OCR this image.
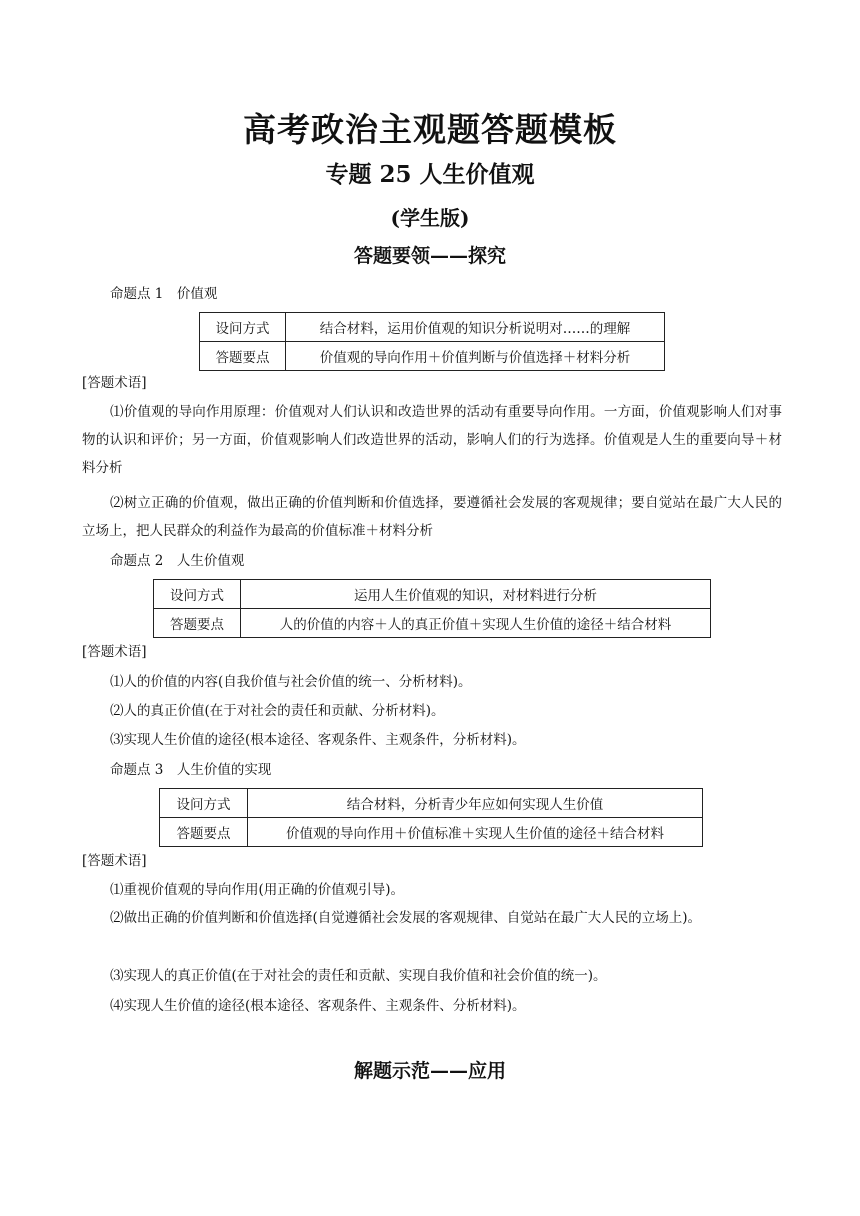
高考政治主观题答题模板
专题 25 人生价值观
(学生版)
答题要领——探究
命题点 1　价值观
设问方式	结合材料，运用价值观的知识分析说明对……的理解
答题要点	价值观的导向作用＋价值判断与价值选择＋材料分析
[答题术语]
⑴价值观的导向作用原理：价值观对人们认识和改造世界的活动有重要导向作用。一方面，价值观影响人们对事物的认识和评价；另一方面，价值观影响人们改造世界的活动，影响人们的行为选择。价值观是人生的重要向导＋材料分析
⑵树立正确的价值观，做出正确的价值判断和价值选择，要遵循社会发展的客观规律；要自觉站在最广大人民的立场上，把人民群众的利益作为最高的价值标准＋材料分析
命题点 2　人生价值观
设问方式	运用人生价值观的知识，对材料进行分析
答题要点	人的价值的内容＋人的真正价值＋实现人生价值的途径＋结合材料
[答题术语]
⑴人的价值的内容(自我价值与社会价值的统一、分析材料)。
⑵人的真正价值(在于对社会的责任和贡献、分析材料)。
⑶实现人生价值的途径(根本途径、客观条件、主观条件，分析材料)。
命题点 3　人生价值的实现
设问方式	结合材料，分析青少年应如何实现人生价值
答题要点	价值观的导向作用＋价值标准＋实现人生价值的途径＋结合材料
[答题术语]
⑴重视价值观的导向作用(用正确的价值观引导)。
⑵做出正确的价值判断和价值选择(自觉遵循社会发展的客观规律、自觉站在最广大人民的立场上)。
⑶实现人的真正价值(在于对社会的责任和贡献、实现自我价值和社会价值的统一)。
⑷实现人生价值的途径(根本途径、客观条件、主观条件、分析材料)。
解题示范——应用
